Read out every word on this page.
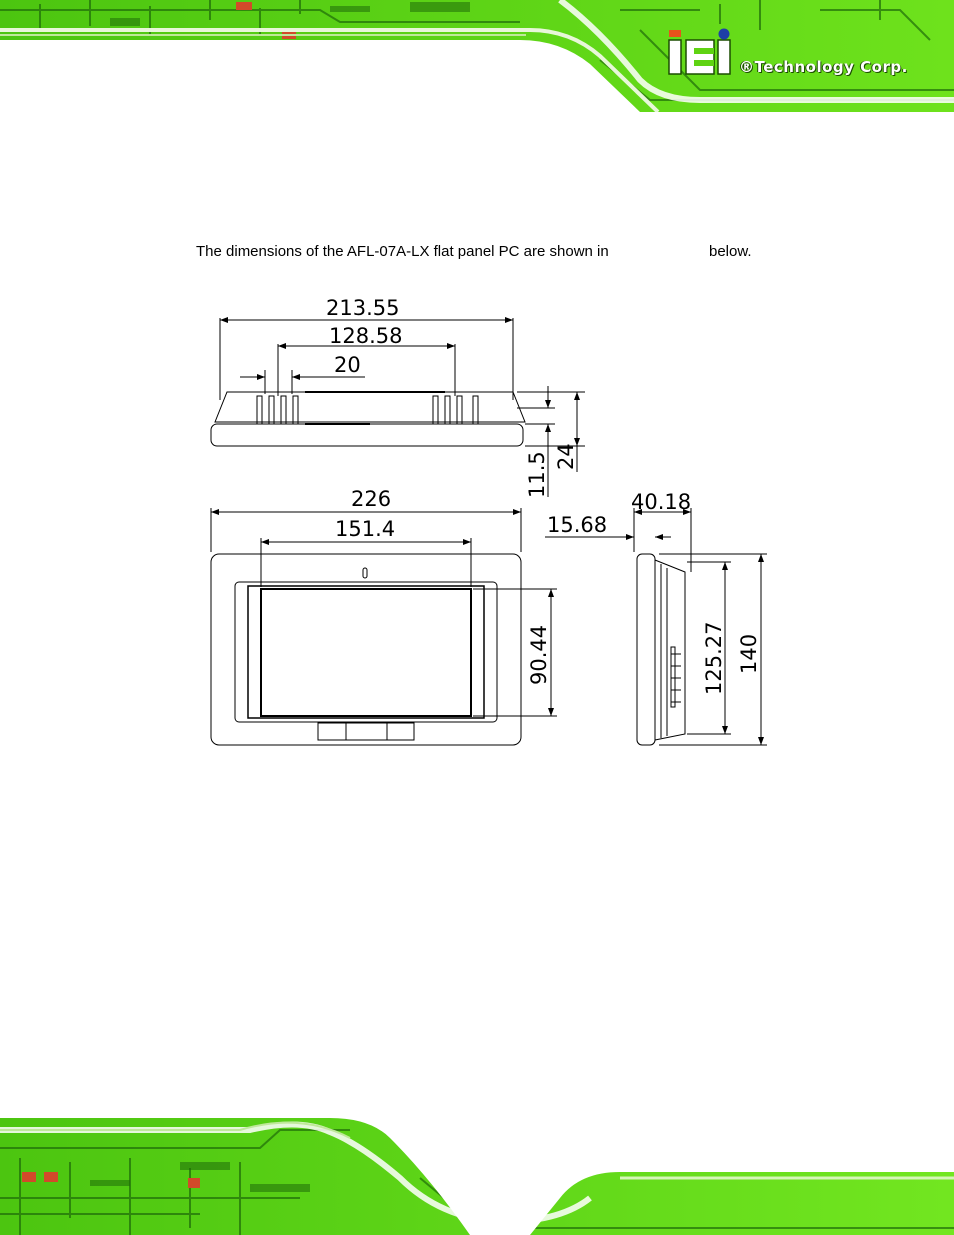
®Technology Corp.

The dimensions of the AFL-07A-LX flat panel PC are shown in	below.

213.55
128.58
20
11.5 24
226
151.4
90.44
40.18
15.68
125.27 140
